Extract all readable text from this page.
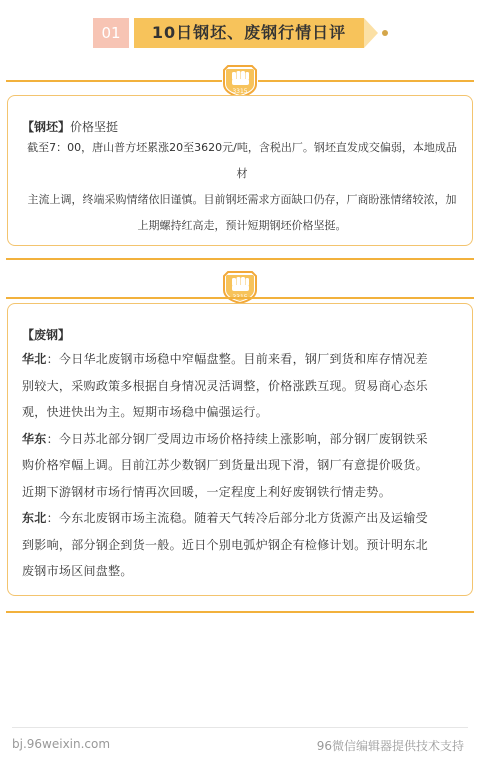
01	10日钢坯、废钢行情日评
3315
【钢坯】价格坚挺
截至7：00，唐山普方坯累涨20至3620元/吨，含税出厂。钢坯直发成交偏弱，本地成品材
主流上调，终端采购情绪依旧谨慎。目前钢坯需求方面缺口仍存，厂商盼涨情绪较浓，加
上期螺持红高走，预计短期钢坯价格坚挺。
【废钢】
华北：今日华北废钢市场稳中窄幅盘整。目前来看，钢厂到货和库存情况差
别较大，采购政策多根据自身情况灵活调整，价格涨跌互现。贸易商心态乐
观，快进快出为主。短期市场稳中偏强运行。
华东：今日苏北部分钢厂受周边市场价格持续上涨影响，部分钢厂废钢铁采
购价格窄幅上调。目前江苏少数钢厂到货量出现下滑，钢厂有意提价吸货。
近期下游钢材市场行情再次回暖，一定程度上利好废钢铁行情走势。
东北：今东北废钢市场主流稳。随着天气转冷后部分北方货源产出及运输受
到影响，部分钢企到货一般。近日个别电弧炉钢企有检修计划。预计明东北
废钢市场区间盘整。
bj.96weixin.com	96微信编辑器提供技术支持
